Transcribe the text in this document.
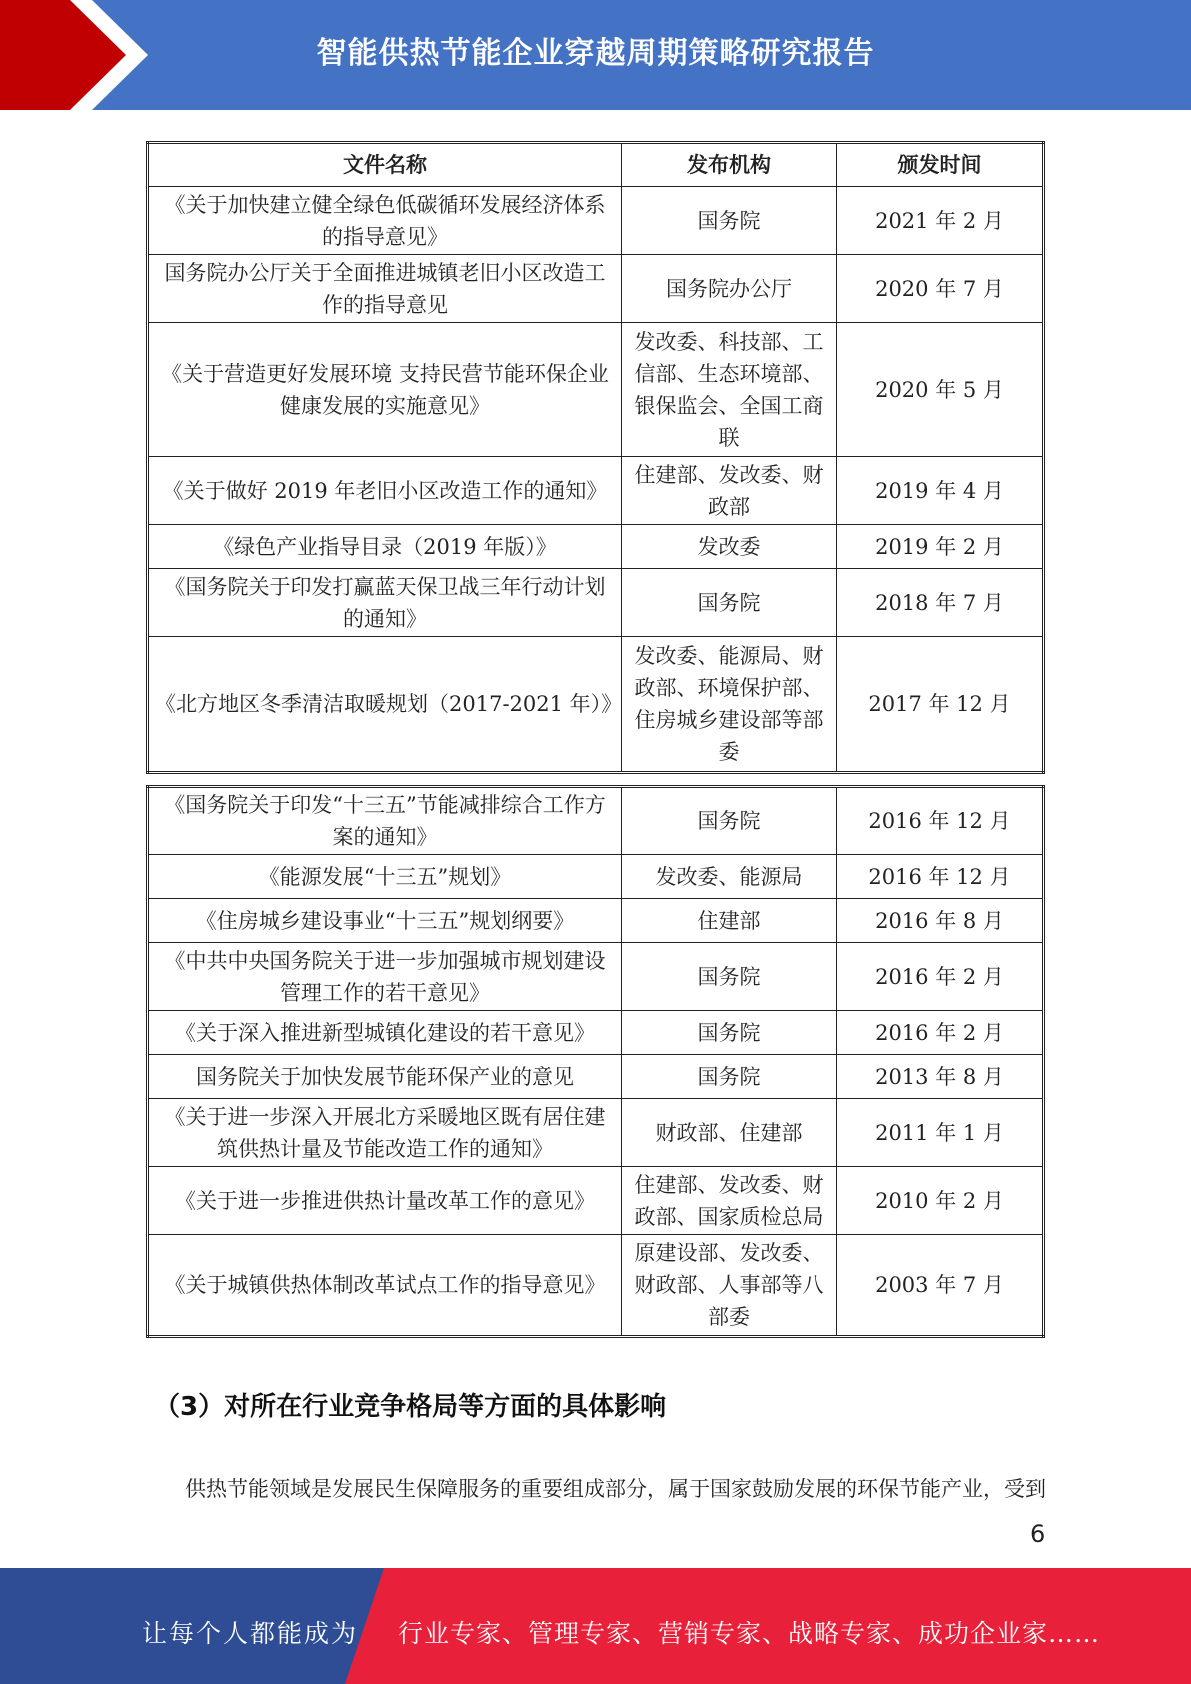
智能供热节能企业穿越周期策略研究报告
文件名称	发布机构	颁发时间
《关于加快建立健全绿色低碳循环发展经济体系的指导意见》	国务院	2021 年 2 月
国务院办公厅关于全面推进城镇老旧小区改造工作的指导意见	国务院办公厅	2020 年 7 月
《关于营造更好发展环境 支持民营节能环保企业健康发展的实施意见》	发改委、科技部、工信部、生态环境部、银保监会、全国工商联	2020 年 5 月
《关于做好 2019 年老旧小区改造工作的通知》	住建部、发改委、财政部	2019 年 4 月
《绿色产业指导目录（2019 年版）》	发改委	2019 年 2 月
《国务院关于印发打赢蓝天保卫战三年行动计划的通知》	国务院	2018 年 7 月
《北方地区冬季清洁取暖规划（2017-2021 年）》	发改委、能源局、财政部、环境保护部、住房城乡建设部等部委	2017 年 12 月
《国务院关于印发“十三五”节能减排综合工作方案的通知》	国务院	2016 年 12 月
《能源发展“十三五”规划》	发改委、能源局	2016 年 12 月
《住房城乡建设事业“十三五”规划纲要》	住建部	2016 年 8 月
《中共中央国务院关于进一步加强城市规划建设管理工作的若干意见》	国务院	2016 年 2 月
《关于深入推进新型城镇化建设的若干意见》	国务院	2016 年 2 月
国务院关于加快发展节能环保产业的意见	国务院	2013 年 8 月
《关于进一步深入开展北方采暖地区既有居住建筑供热计量及节能改造工作的通知》	财政部、住建部	2011 年 1 月
《关于进一步推进供热计量改革工作的意见》	住建部、发改委、财政部、国家质检总局	2010 年 2 月
《关于城镇供热体制改革试点工作的指导意见》	原建设部、发改委、财政部、人事部等八部委	2003 年 7 月
（3）对所在行业竞争格局等方面的具体影响
供热节能领域是发展民生保障服务的重要组成部分，属于国家鼓励发展的环保节能产业，受到
6
让每个人都能成为 行业专家、管理专家、营销专家、战略专家、成功企业家……
